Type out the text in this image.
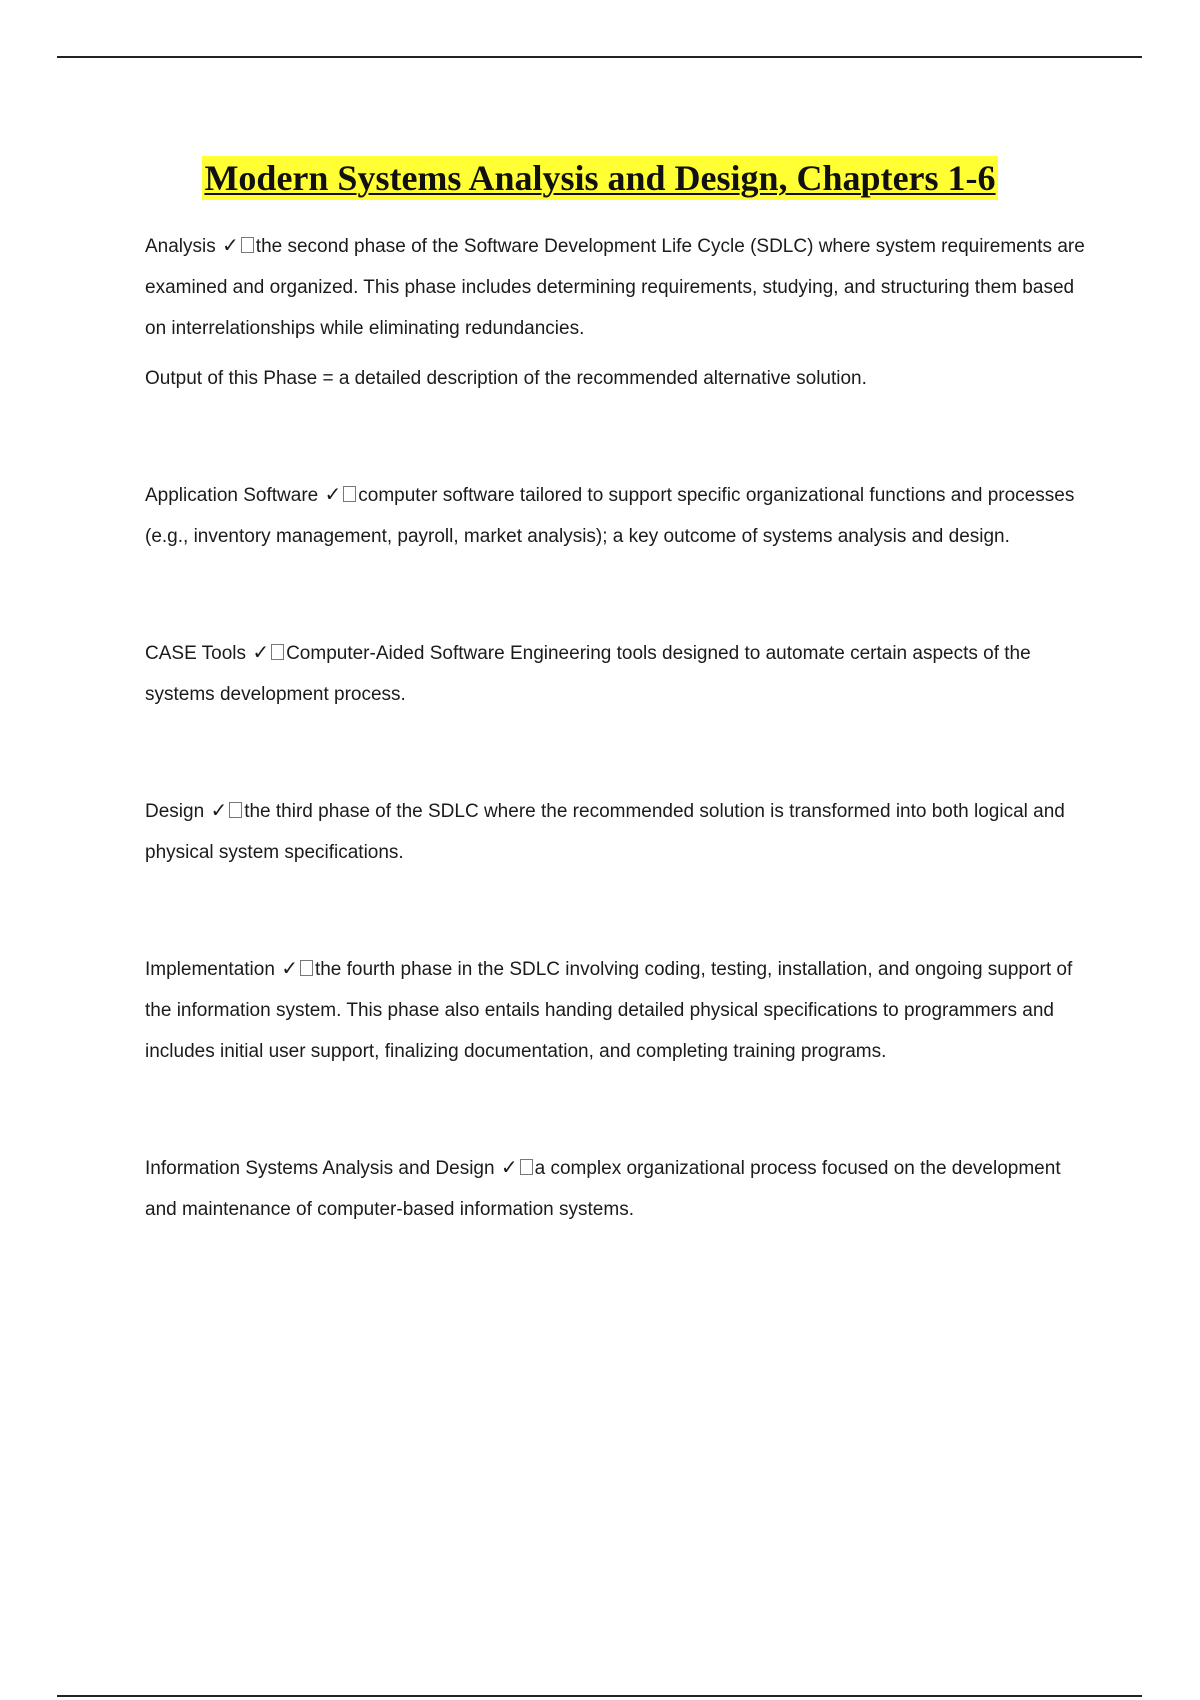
Modern Systems Analysis and Design, Chapters 1-6

Analysis ✓ the second phase of the Software Development Life Cycle (SDLC) where system requirements are examined and organized. This phase includes determining requirements, studying, and structuring them based on interrelationships while eliminating redundancies.

Output of this Phase = a detailed description of the recommended alternative solution.

Application Software ✓ computer software tailored to support specific organizational functions and processes (e.g., inventory management, payroll, market analysis); a key outcome of systems analysis and design.

CASE Tools ✓ Computer-Aided Software Engineering tools designed to automate certain aspects of the systems development process.

Design ✓ the third phase of the SDLC where the recommended solution is transformed into both logical and physical system specifications.

Implementation ✓ the fourth phase in the SDLC involving coding, testing, installation, and ongoing support of the information system. This phase also entails handing detailed physical specifications to programmers and includes initial user support, finalizing documentation, and completing training programs.

Information Systems Analysis and Design ✓ a complex organizational process focused on the development and maintenance of computer-based information systems.
